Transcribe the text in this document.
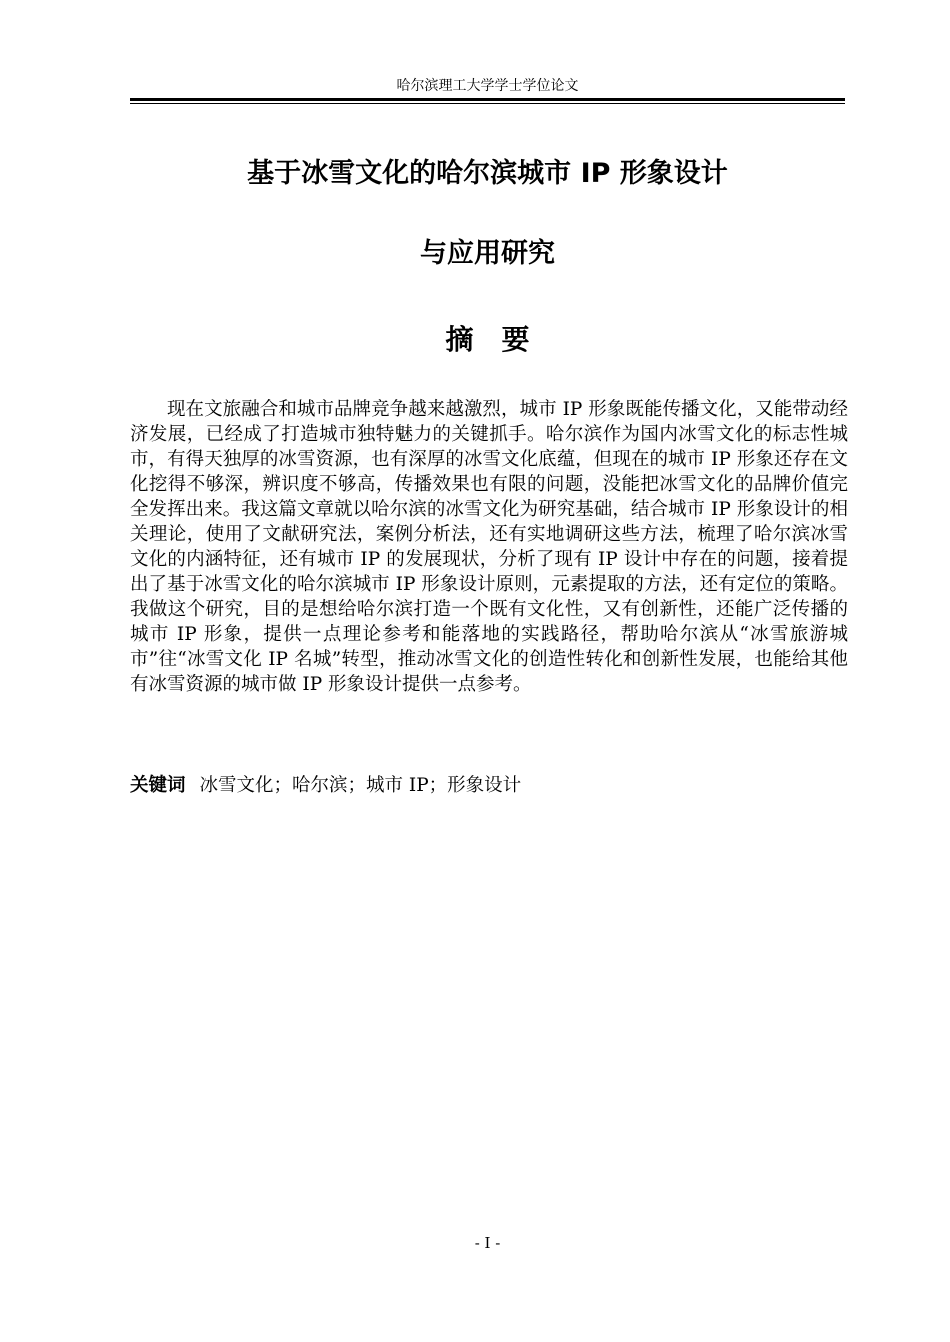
哈尔滨理工大学学士学位论文
基于冰雪文化的哈尔滨城市 IP 形象设计
与应用研究
摘要

现在文旅融合和城市品牌竞争越来越激烈，城市 IP 形象既能传播文化，又能带动经济发展，已经成了打造城市独特魅力的关键抓手。哈尔滨作为国内冰雪文化的标志性城市，有得天独厚的冰雪资源，也有深厚的冰雪文化底蕴，但现在的城市 IP 形象还存在文化挖得不够深，辨识度不够高，传播效果也有限的问题，没能把冰雪文化的品牌价值完全发挥出来。我这篇文章就以哈尔滨的冰雪文化为研究基础，结合城市 IP 形象设计的相关理论，使用了文献研究法，案例分析法，还有实地调研这些方法，梳理了哈尔滨冰雪文化的内涵特征，还有城市 IP 的发展现状，分析了现有 IP 设计中存在的问题，接着提出了基于冰雪文化的哈尔滨城市 IP 形象设计原则，元素提取的方法，还有定位的策略。我做这个研究，目的是想给哈尔滨打造一个既有文化性，又有创新性，还能广泛传播的城市 IP 形象，提供一点理论参考和能落地的实践路径，帮助哈尔滨从“冰雪旅游城市”往“冰雪文化 IP 名城”转型，推动冰雪文化的创造性转化和创新性发展，也能给其他有冰雪资源的城市做 IP 形象设计提供一点参考。

关键词 冰雪文化；哈尔滨；城市 IP；形象设计
- I -
